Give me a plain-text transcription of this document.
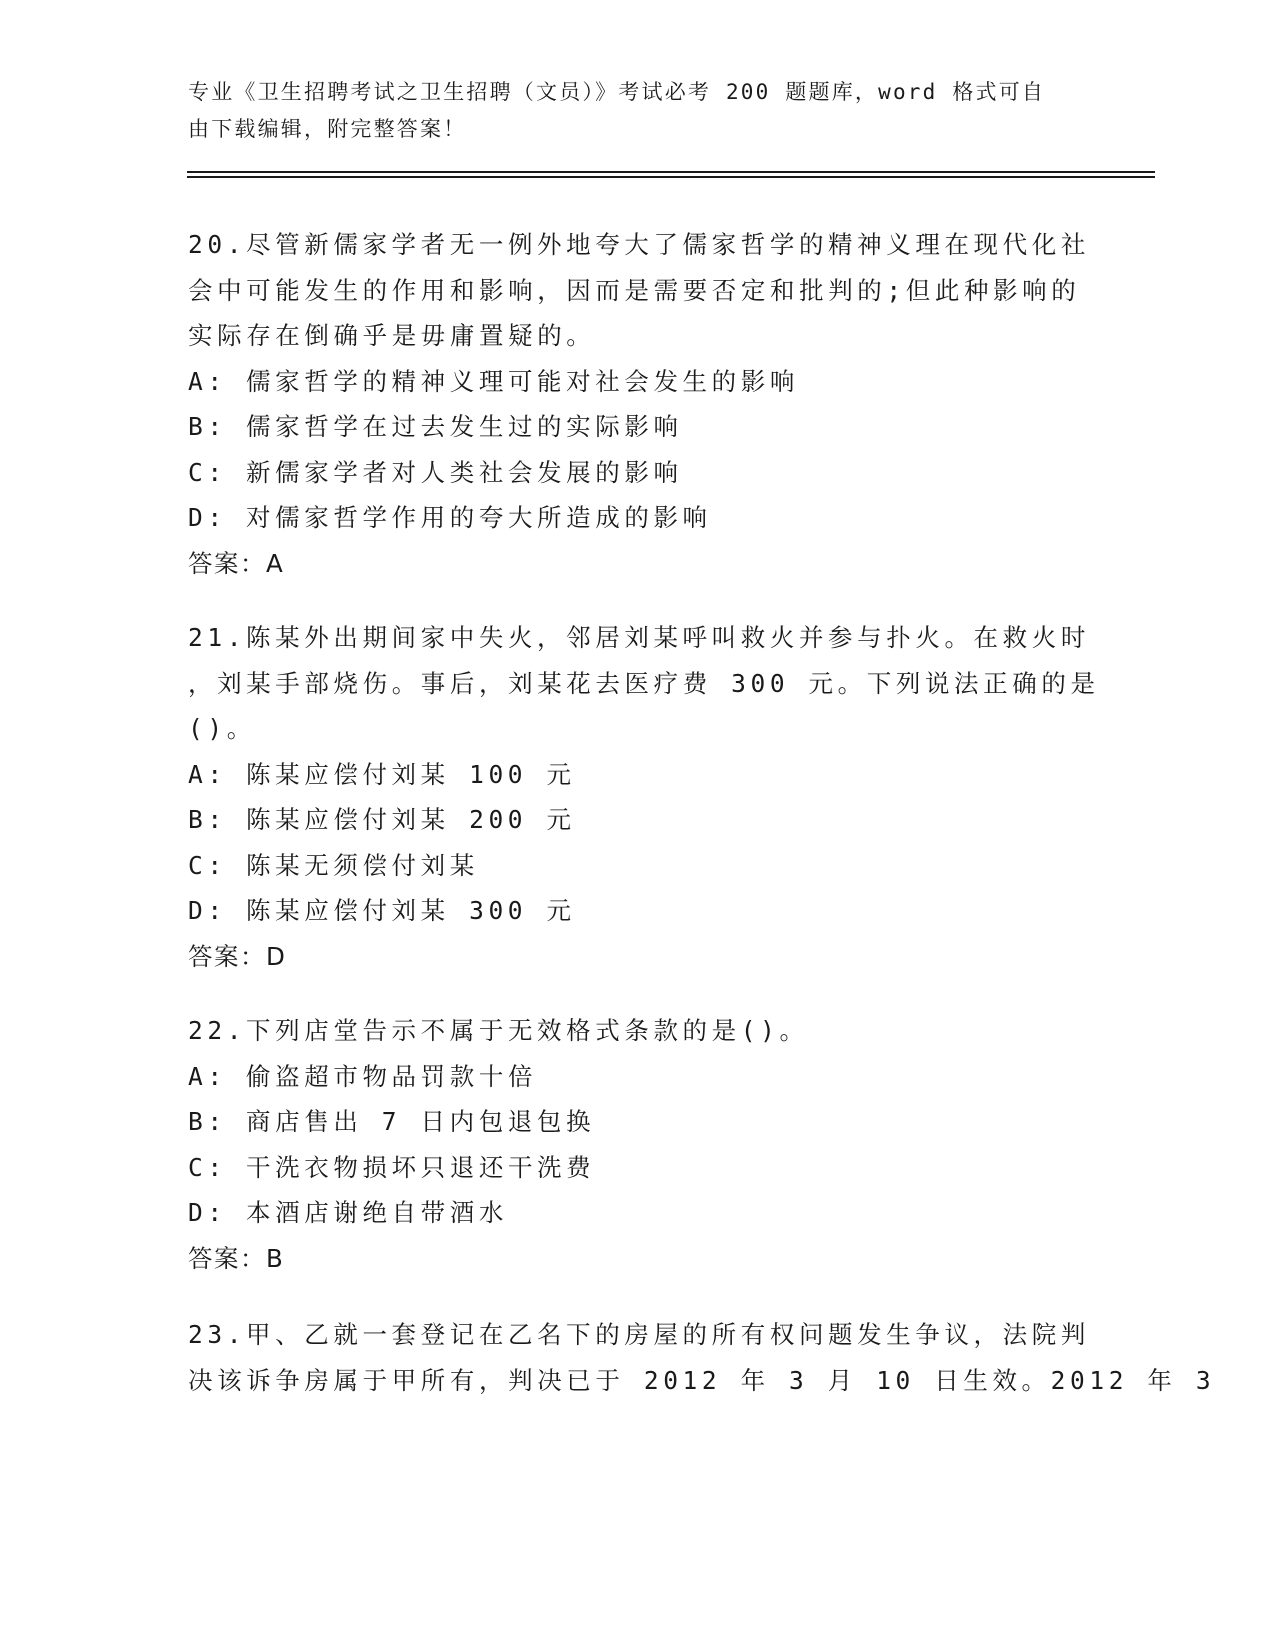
专业《卫生招聘考试之卫生招聘（文员）》考试必考 200 题题库，word 格式可自
由下载编辑，附完整答案！
20.尽管新儒家学者无一例外地夸大了儒家哲学的精神义理在现代化社
会中可能发生的作用和影响，因而是需要否定和批判的;但此种影响的
实际存在倒确乎是毋庸置疑的。
A: 儒家哲学的精神义理可能对社会发生的影响
B: 儒家哲学在过去发生过的实际影响
C: 新儒家学者对人类社会发展的影响
D: 对儒家哲学作用的夸大所造成的影响
答案：A
21.陈某外出期间家中失火，邻居刘某呼叫救火并参与扑火。在救火时
，刘某手部烧伤。事后，刘某花去医疗费 300 元。下列说法正确的是
()。
A: 陈某应偿付刘某 100 元
B: 陈某应偿付刘某 200 元
C: 陈某无须偿付刘某
D: 陈某应偿付刘某 300 元
答案：D
22.下列店堂告示不属于无效格式条款的是()。
A: 偷盗超市物品罚款十倍
B: 商店售出 7 日内包退包换
C: 干洗衣物损坏只退还干洗费
D: 本酒店谢绝自带酒水
答案：B
23.甲、乙就一套登记在乙名下的房屋的所有权问题发生争议，法院判
决该诉争房属于甲所有，判决已于 2012 年 3 月 10 日生效。2012 年 3
